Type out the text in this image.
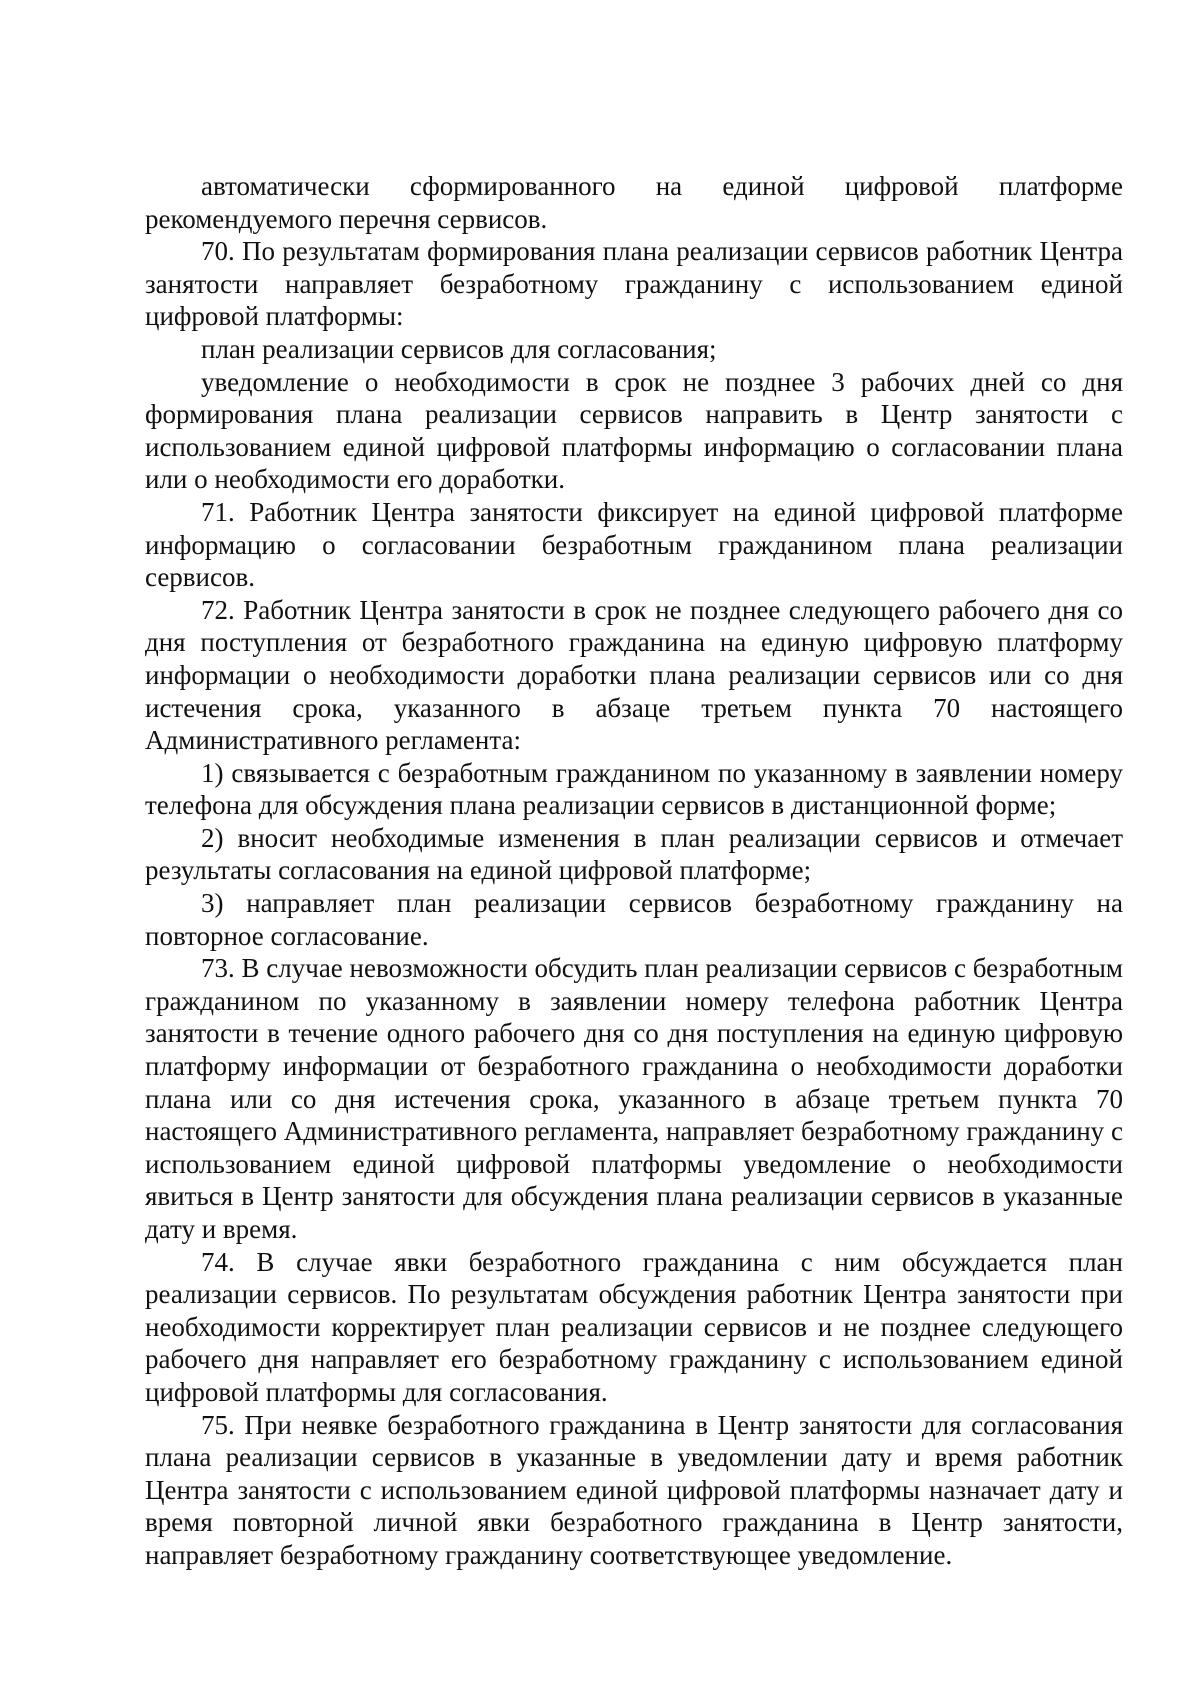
автоматически сформированного на единой цифровой платформе рекомендуемого перечня сервисов.

70. По результатам формирования плана реализации сервисов работник Центра занятости направляет безработному гражданину с использованием единой цифровой платформы:

план реализации сервисов для согласования;

уведомление о необходимости в срок не позднее 3 рабочих дней со дня формирования плана реализации сервисов направить в Центр занятости с использованием единой цифровой платформы информацию о согласовании плана или о необходимости его доработки.

71. Работник Центра занятости фиксирует на единой цифровой платформе информацию о согласовании безработным гражданином плана реализации сервисов.

72. Работник Центра занятости в срок не позднее следующего рабочего дня со дня поступления от безработного гражданина на единую цифровую платформу информации о необходимости доработки плана реализации сервисов или со дня истечения срока, указанного в абзаце третьем пункта 70 настоящего Административного регламента:

1) связывается с безработным гражданином по указанному в заявлении номеру телефона для обсуждения плана реализации сервисов в дистанционной форме;

2) вносит необходимые изменения в план реализации сервисов и отмечает результаты согласования на единой цифровой платформе;

3) направляет план реализации сервисов безработному гражданину на повторное согласование.

73. В случае невозможности обсудить план реализации сервисов с безработным гражданином по указанному в заявлении номеру телефона работник Центра занятости в течение одного рабочего дня со дня поступления на единую цифровую платформу информации от безработного гражданина о необходимости доработки плана или со дня истечения срока, указанного в абзаце третьем пункта 70 настоящего Административного регламента, направляет безработному гражданину с использованием единой цифровой платформы уведомление о необходимости явиться в Центр занятости для обсуждения плана реализации сервисов в указанные дату и время.

74. В случае явки безработного гражданина с ним обсуждается план реализации сервисов. По результатам обсуждения работник Центра занятости при необходимости корректирует план реализации сервисов и не позднее следующего рабочего дня направляет его безработному гражданину с использованием единой цифровой платформы для согласования.

75. При неявке безработного гражданина в Центр занятости для согласования плана реализации сервисов в указанные в уведомлении дату и время работник Центра занятости с использованием единой цифровой платформы назначает дату и время повторной личной явки безработного гражданина в Центр занятости, направляет безработному гражданину соответствующее уведомление.
